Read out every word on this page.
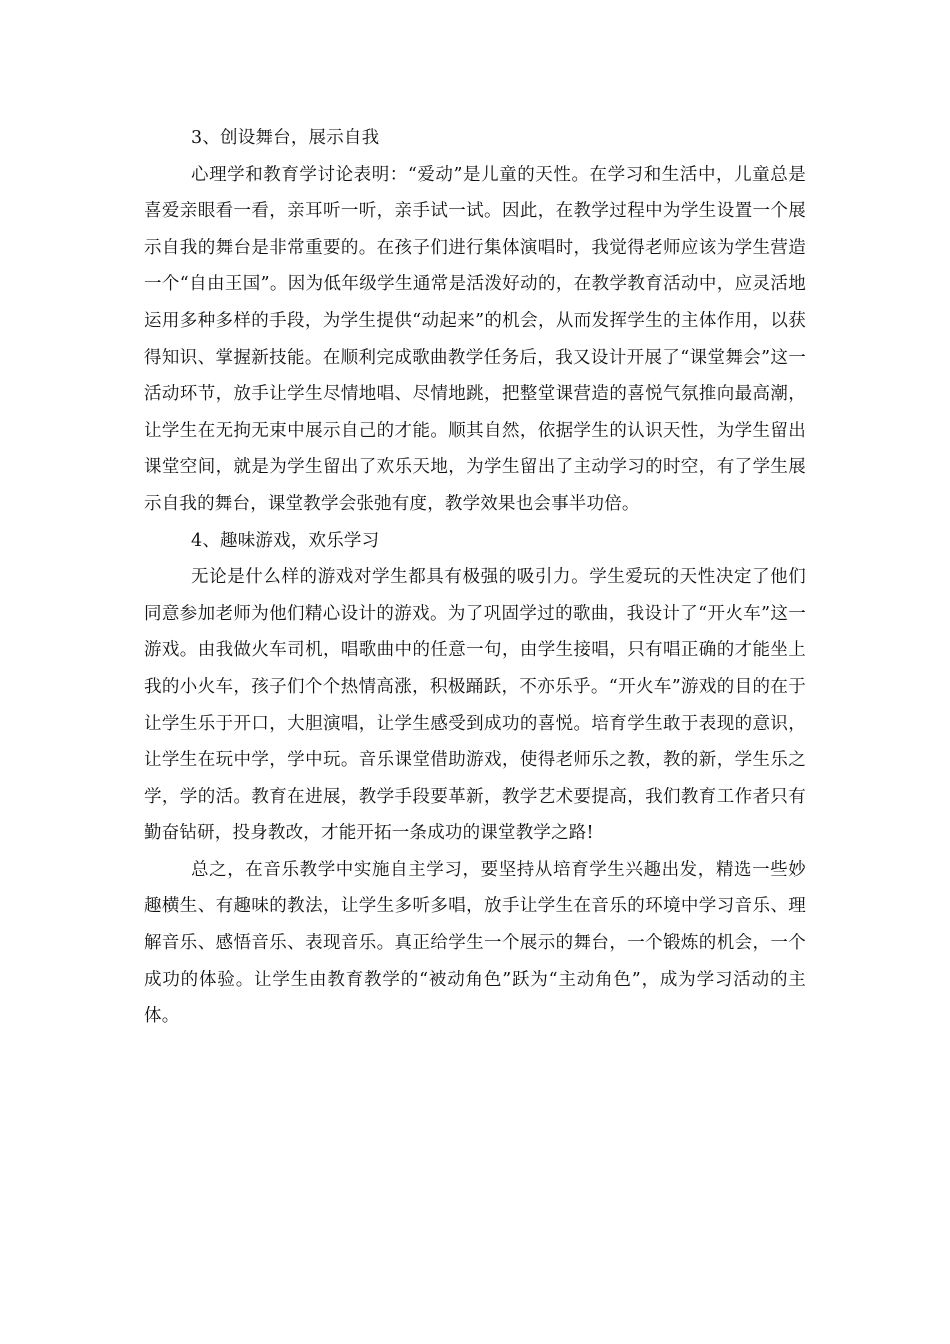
3、创设舞台，展示自我

心理学和教育学讨论表明：“爱动”是儿童的天性。在学习和生活中，儿童总是喜爱亲眼看一看，亲耳听一听，亲手试一试。因此，在教学过程中为学生设置一个展示自我的舞台是非常重要的。在孩子们进行集体演唱时，我觉得老师应该为学生营造一个“自由王国”。因为低年级学生通常是活泼好动的，在教学教育活动中，应灵活地运用多种多样的手段，为学生提供“动起来”的机会，从而发挥学生的主体作用，以获得知识、掌握新技能。在顺利完成歌曲教学任务后，我又设计开展了“课堂舞会”这一活动环节，放手让学生尽情地唱、尽情地跳，把整堂课营造的喜悦气氛推向最高潮，让学生在无拘无束中展示自己的才能。顺其自然，依据学生的认识天性，为学生留出课堂空间，就是为学生留出了欢乐天地，为学生留出了主动学习的时空，有了学生展示自我的舞台，课堂教学会张弛有度，教学效果也会事半功倍。

4、趣味游戏，欢乐学习

无论是什么样的游戏对学生都具有极强的吸引力。学生爱玩的天性决定了他们同意参加老师为他们精心设计的游戏。为了巩固学过的歌曲，我设计了“开火车”这一游戏。由我做火车司机，唱歌曲中的任意一句，由学生接唱，只有唱正确的才能坐上我的小火车，孩子们个个热情高涨，积极踊跃，不亦乐乎。“开火车”游戏的目的在于让学生乐于开口，大胆演唱，让学生感受到成功的喜悦。培育学生敢于表现的意识，让学生在玩中学，学中玩。音乐课堂借助游戏，使得老师乐之教，教的新，学生乐之学，学的活。教育在进展，教学手段要革新，教学艺术要提高，我们教育工作者只有勤奋钻研，投身教改，才能开拓一条成功的课堂教学之路!

总之，在音乐教学中实施自主学习，要坚持从培育学生兴趣出发，精选一些妙趣横生、有趣味的教法，让学生多听多唱，放手让学生在音乐的环境中学习音乐、理解音乐、感悟音乐、表现音乐。真正给学生一个展示的舞台，一个锻炼的机会，一个成功的体验。让学生由教育教学的“被动角色”跃为“主动角色”，成为学习活动的主体。
